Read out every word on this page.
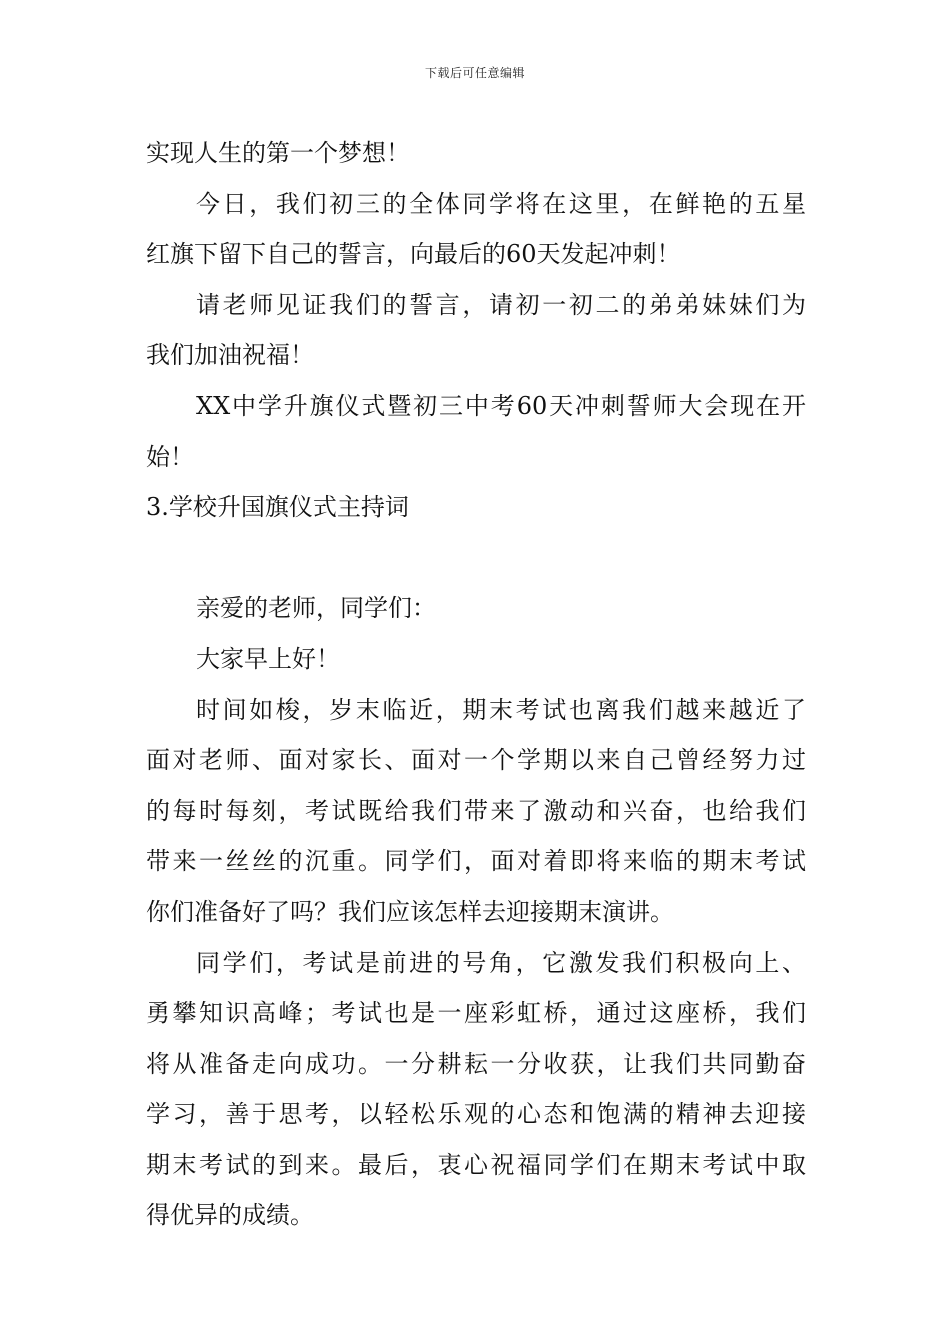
下载后可任意编辑
实现人生的第一个梦想！
今日，我们初三的全体同学将在这里，在鲜艳的五星
红旗下留下自己的誓言，向最后的60天发起冲刺！
请老师见证我们的誓言，请初一初二的弟弟妹妹们为
我们加油祝福！
XX中学升旗仪式暨初三中考60天冲刺誓师大会现在开
始！
3.学校升国旗仪式主持词
亲爱的老师，同学们：
大家早上好！
时间如梭，岁末临近，期末考试也离我们越来越近了
面对老师、面对家长、面对一个学期以来自己曾经努力过
的每时每刻，考试既给我们带来了激动和兴奋，也给我们
带来一丝丝的沉重。同学们，面对着即将来临的期末考试
你们准备好了吗？我们应该怎样去迎接期末演讲。
同学们，考试是前进的号角，它激发我们积极向上、
勇攀知识高峰；考试也是一座彩虹桥，通过这座桥，我们
将从准备走向成功。一分耕耘一分收获，让我们共同勤奋
学习，善于思考，以轻松乐观的心态和饱满的精神去迎接
期末考试的到来。最后，衷心祝福同学们在期末考试中取
得优异的成绩。
